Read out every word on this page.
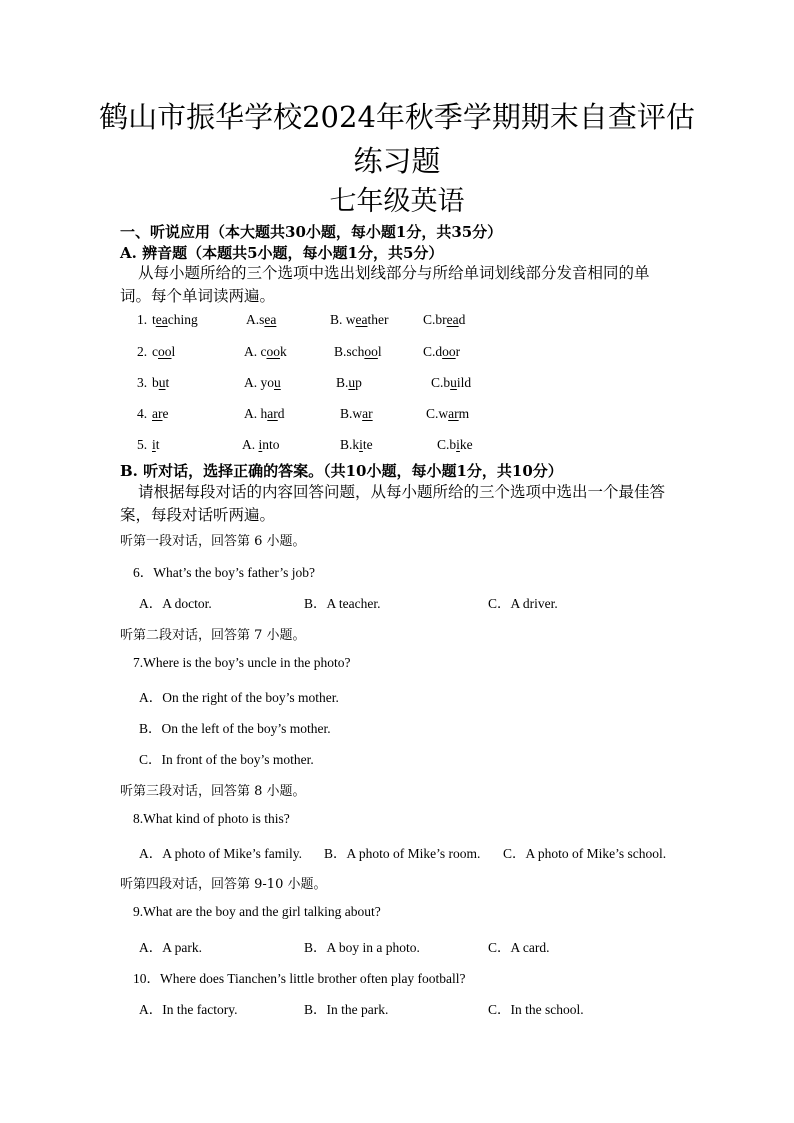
鹤山市振华学校2024年秋季学期期末自查评估
练习题
七年级英语
一、听说应用（本大题共30小题，每小题1分，共35分）
A. 辨音题（本题共5小题，每小题1分，共5分）
从每小题所给的三个选项中选出划线部分与所给单词划线部分发音相同的单词。每个单词读两遍。
1. teaching	A.sea	B. weather	C.bread
2. cool	A. cook	B.school	C.door
3. but	A. you	B.up	C.build
4. are	A. hard	B.war	C.warm
5. it	A. into	B.kite	C.bike
B. 听对话，选择正确的答案。（共10小题，每小题1分，共10分）
请根据每段对话的内容回答问题，从每小题所给的三个选项中选出一个最佳答案，每段对话听两遍。
听第一段对话，回答第 6 小题。
6．What’s the boy’s father’s job?
A．A doctor.	B．A teacher.	C．A driver.
听第二段对话，回答第 7 小题。
7.Where is the boy’s uncle in the photo?
A．On the right of the boy’s mother.
B．On the left of the boy’s mother.
C．In front of the boy’s mother.
听第三段对话，回答第 8 小题。
8.What kind of photo is this?
A．A photo of Mike’s family. B．A photo of Mike’s room. C．A photo of Mike’s school.
听第四段对话，回答第 9-10 小题。
9.What are the boy and the girl talking about?
A．A park.	B．A boy in a photo.	C．A card.
10．Where does Tianchen’s little brother often play football?
A．In the factory.	B．In the park.	C．In the school.
